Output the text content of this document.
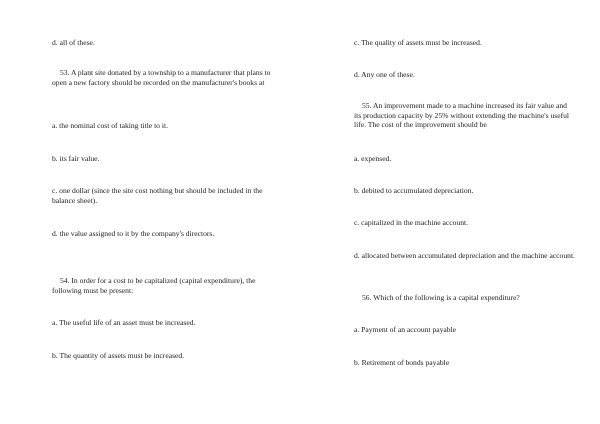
d. all of these.

53. A plant site donated by a township to a manufacturer that plans to open a new factory should be recorded on the manufacturer's books at

a. the nominal cost of taking title to it.

b. its fair value.

c. one dollar (since the site cost nothing but should be included in the balance sheet).

d. the value assigned to it by the company's directors.

54. In order for a cost to be capitalized (capital expenditure), the following must be present:

a. The useful life of an asset must be increased.

b. The quantity of assets must be increased.

c. The quality of assets must be increased.

d. Any one of these.

55. An improvement made to a machine increased its fair value and its production capacity by 25% without extending the machine's useful life. The cost of the improvement should be

a. expensed.

b. debited to accumulated depreciation.

c. capitalized in the machine account.

d. allocated between accumulated depreciation and the machine account.

56. Which of the following is a capital expenditure?

a. Payment of an account payable

b. Retirement of bonds payable
